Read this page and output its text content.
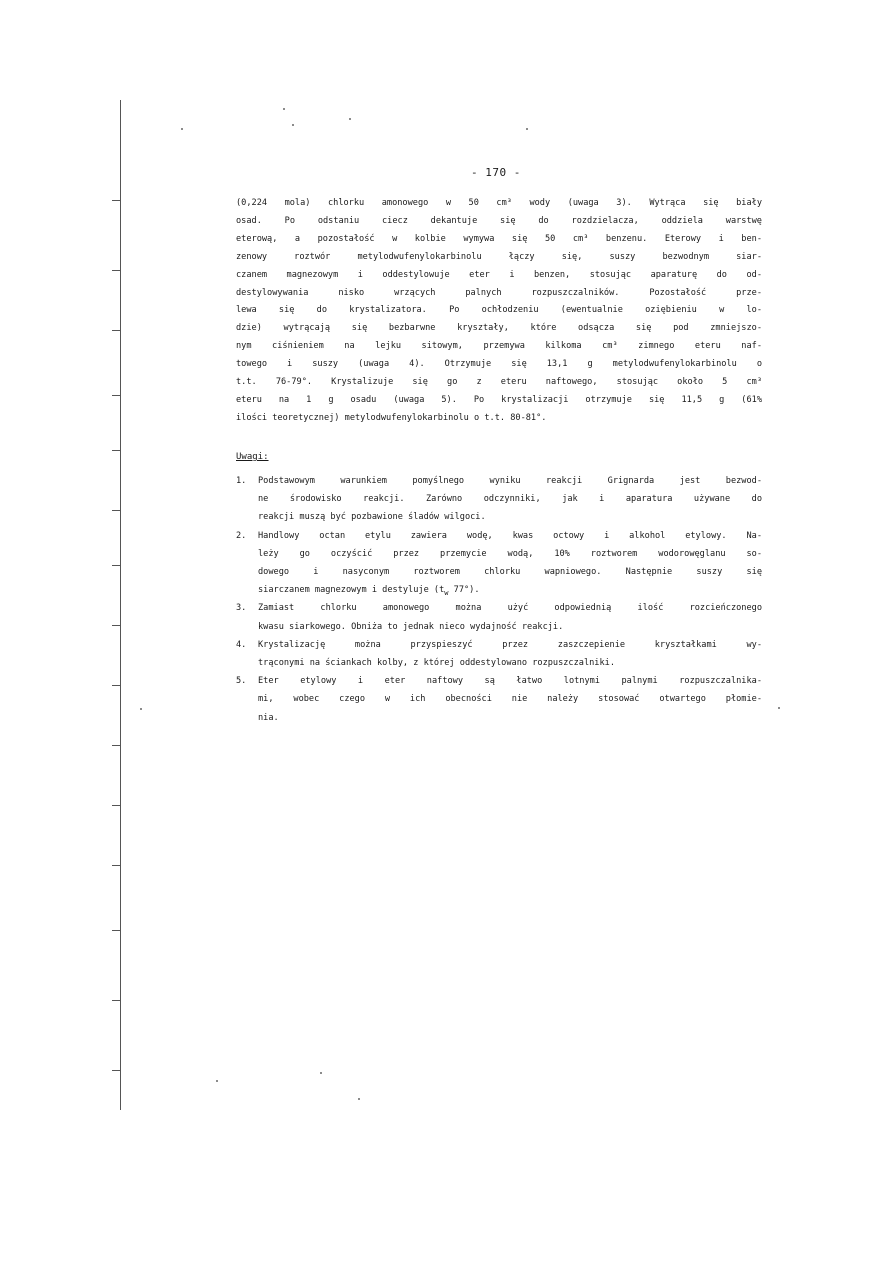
- 170 -
(0,224 mola) chlorku amonowego w 50 cm³ wody (uwaga 3). Wytrąca się biały
osad. Po odstaniu ciecz dekantuje się do rozdzielacza, oddziela warstwę
eterową, a pozostałość w kolbie wymywa się 50 cm³ benzenu. Eterowy i ben-
zenowy roztwór metylodwufenylokarbinolu łączy się, suszy bezwodnym siar-
czanem magnezowym i oddestylowuje eter i benzen, stosując aparaturę do od-
destylowywania nisko wrzących palnych rozpuszczalników. Pozostałość prze-
lewa się do krystalizatora. Po ochłodzeniu (ewentualnie oziębieniu w lo-
dzie) wytrącają się bezbarwne kryształy, które odsącza się pod zmniejszo-
nym ciśnieniem na lejku sitowym, przemywa kilkoma cm³ zimnego eteru naf-
towego i suszy (uwaga 4). Otrzymuje się 13,1 g metylodwufenylokarbinolu o
t.t. 76-79°. Krystalizuje się go z eteru naftowego, stosując około 5 cm³
eteru na 1 g osadu (uwaga 5). Po krystalizacji otrzymuje się 11,5 g (61%
ilości teoretycznej) metylodwufenylokarbinolu o t.t. 80-81°.
Uwagi:
1. Podstawowym warunkiem pomyślnego wyniku reakcji Grignarda jest bezwod-
ne środowisko reakcji. Zarówno odczynniki, jak i aparatura używane do
reakcji muszą być pozbawione śladów wilgoci.
2. Handlowy octan etylu zawiera wodę, kwas octowy i alkohol etylowy. Na-
leży go oczyścić przez przemycie wodą, 10% roztworem wodorowęglanu so-
dowego i nasyconym roztworem chlorku wapniowego. Następnie suszy się
siarczanem magnezowym i destyluje ($t_w$ 77°).
3. Zamiast chlorku amonowego można użyć odpowiednią ilość rozcieńczonego
kwasu siarkowego. Obniża to jednak nieco wydajność reakcji.
4. Krystalizację można przyspieszyć przez zaszczepienie kryształkami wy-
trąconymi na ściankach kolby, z której oddestylowano rozpuszczalniki.
5. Eter etylowy i eter naftowy są łatwo lotnymi palnymi rozpuszczalnika-
mi, wobec czego w ich obecności nie należy stosować otwartego płomie-
nia.
